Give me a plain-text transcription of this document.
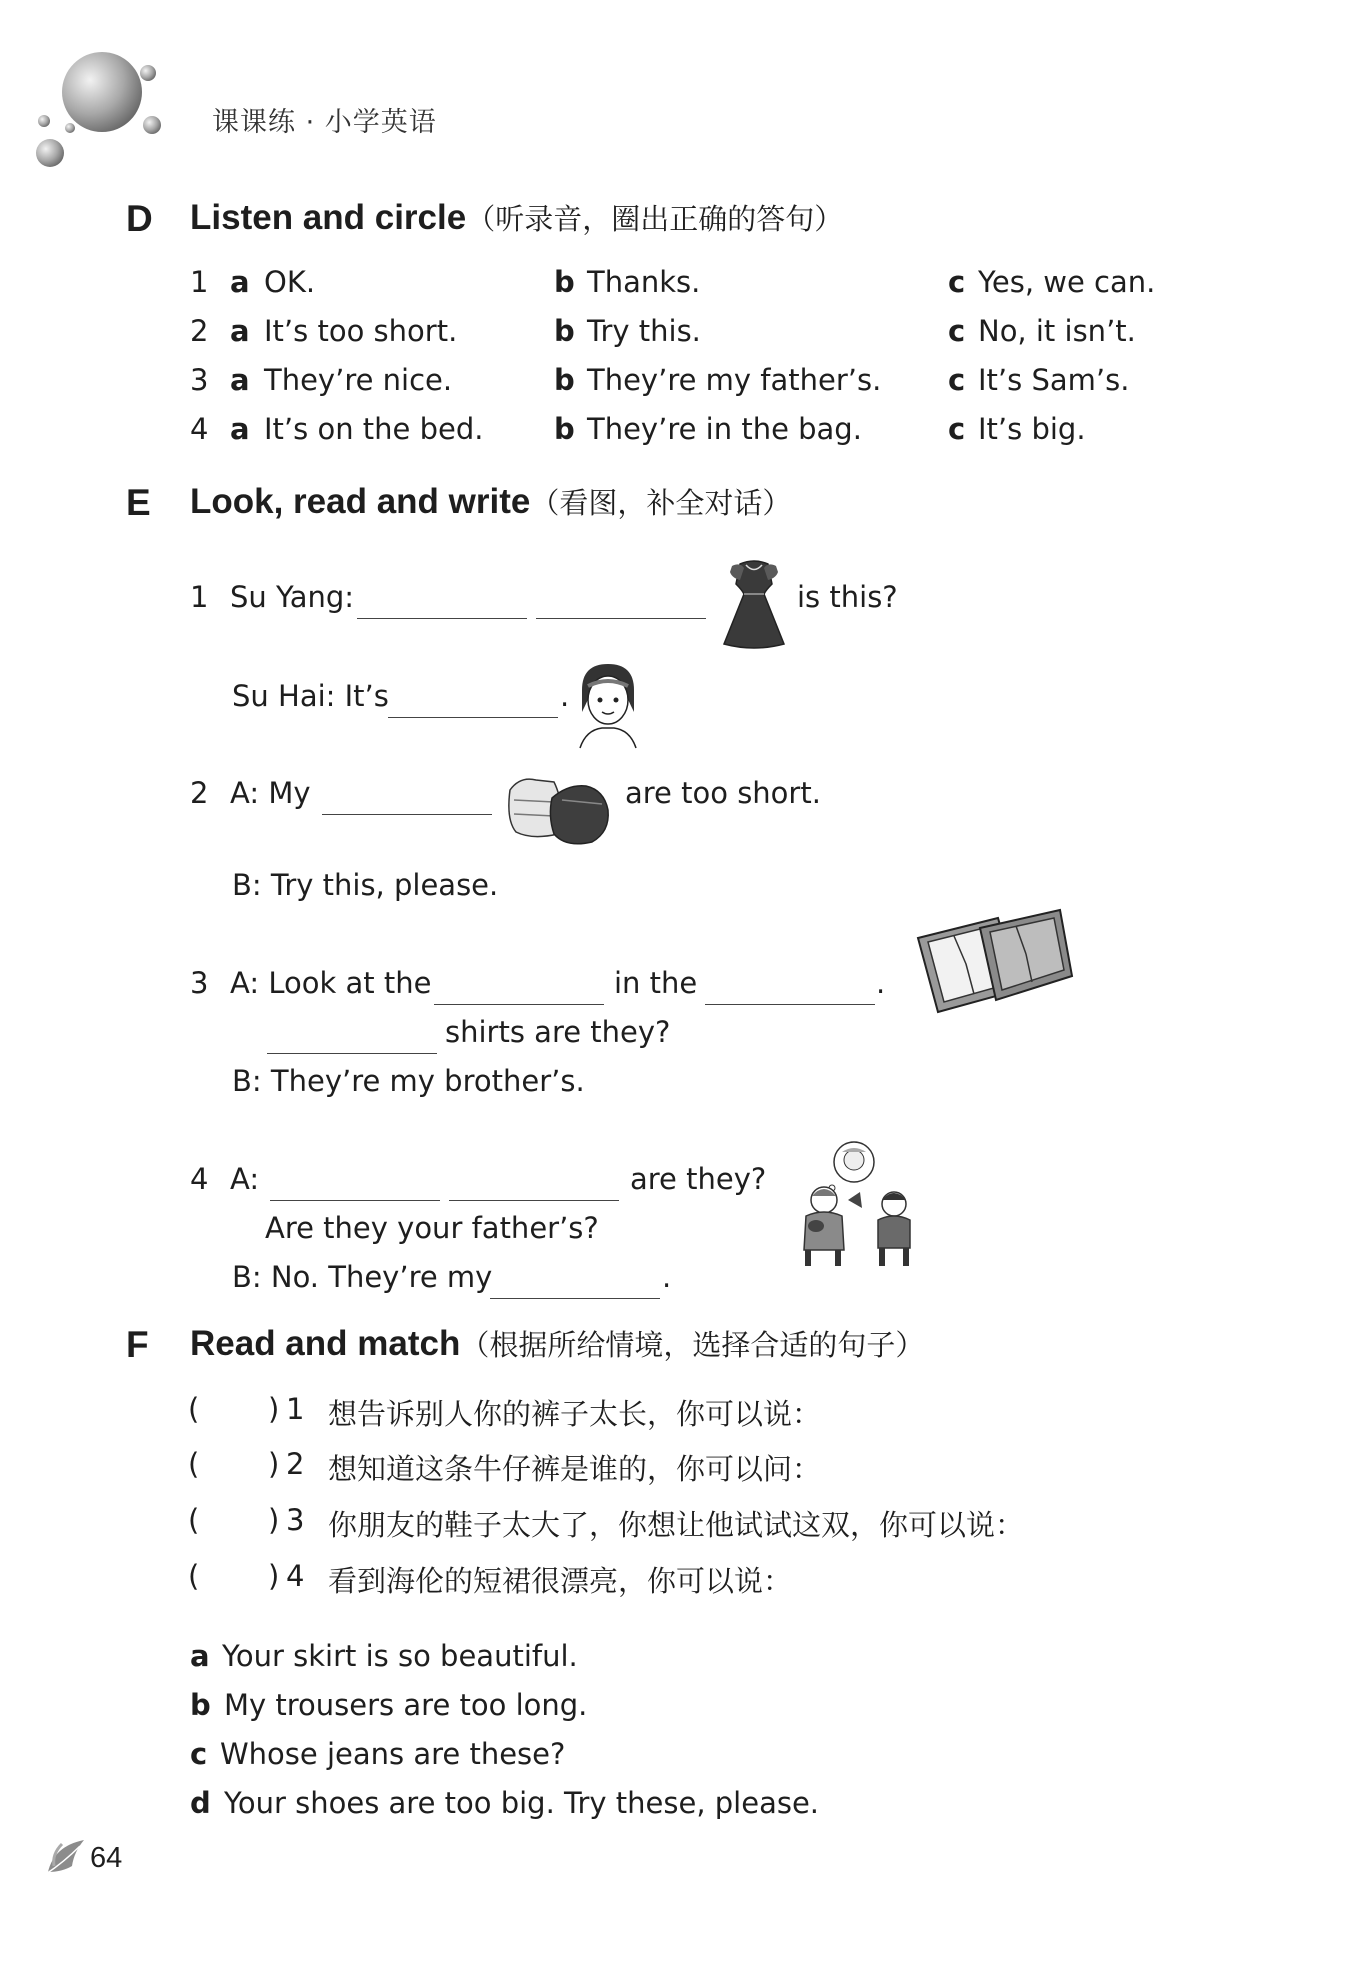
课课练 · 小学英语
D Listen and circle（听录音，圈出正确的答句）
1 a OK.	b Thanks.	c Yes, we can.
2 a It’s too short.	b Try this.	c No, it isn’t.
3 a They’re nice.	b They’re my father’s. c It’s Sam’s.
4 a It’s on the bed. b They’re in the bag.	c It’s big.
E Look, read and write（看图，补全对话）
1 Su Yang:	is this?
Su Hai: It’s	.
2 A: My	are too short.
B: Try this, please.
3 A: Look at the	in the	.
shirts are they?
B: They’re my brother’s.
4 A:	are they?
Are they your father’s?
B: No. They’re my	.
F Read and match（根据所给情境，选择合适的句子）
( ) 1 想告诉别人你的裤子太长，你可以说：
( ) 2 想知道这条牛仔裤是谁的，你可以问：
( ) 3 你朋友的鞋子太大了，你想让他试试这双，你可以说：
( ) 4 看到海伦的短裙很漂亮，你可以说：
a Your skirt is so beautiful.
b My trousers are too long.
c Whose jeans are these?
d Your shoes are too big. Try these, please.
64
